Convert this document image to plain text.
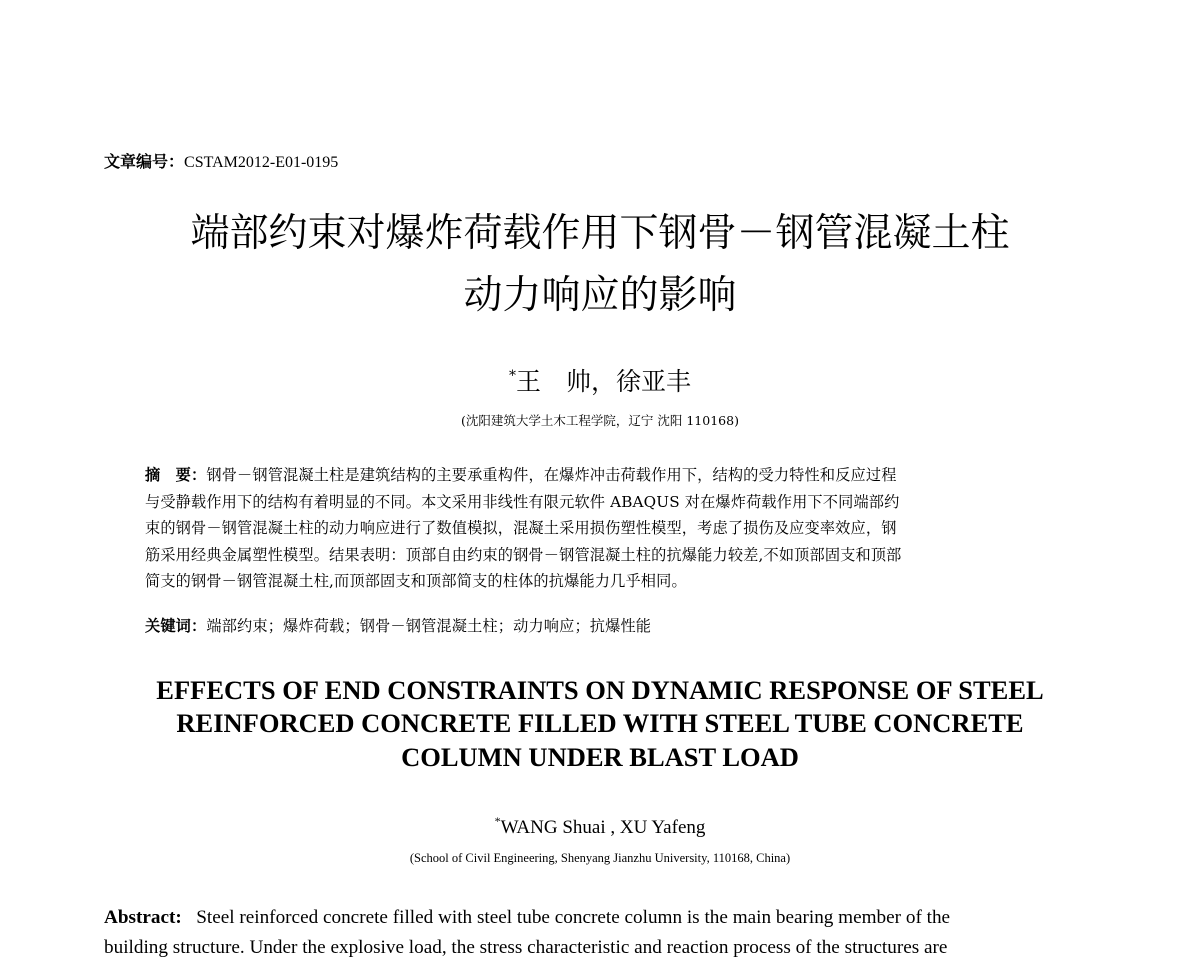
文章编号：CSTAM2012-E01-0195
端部约束对爆炸荷载作用下钢骨－钢管混凝土柱
动力响应的影响
*王　帅，徐亚丰
(沈阳建筑大学土木工程学院，辽宁 沈阳 110168)
摘　要：钢骨－钢管混凝土柱是建筑结构的主要承重构件，在爆炸冲击荷载作用下，结构的受力特性和反应过程
与受静载作用下的结构有着明显的不同。本文采用非线性有限元软件 ABAQUS 对在爆炸荷载作用下不同端部约
束的钢骨－钢管混凝土柱的动力响应进行了数值模拟，混凝土采用损伤塑性模型，考虑了损伤及应变率效应，钢
筋采用经典金属塑性模型。结果表明：顶部自由约束的钢骨－钢管混凝土柱的抗爆能力较差,不如顶部固支和顶部
简支的钢骨－钢管混凝土柱,而顶部固支和顶部简支的柱体的抗爆能力几乎相同。
关键词：端部约束；爆炸荷载；钢骨－钢管混凝土柱；动力响应；抗爆性能
EFFECTS OF END CONSTRAINTS ON DYNAMIC RESPONSE OF STEEL
REINFORCED CONCRETE FILLED WITH STEEL TUBE CONCRETE
COLUMN UNDER BLAST LOAD
*WANG Shuai , XU Yafeng
(School of Civil Engineering, Shenyang Jianzhu University, 110168, China)
Abstract: Steel reinforced concrete filled with steel tube concrete column is the main bearing member of the
building structure. Under the explosive load, the stress characteristic and reaction process of the structures are
